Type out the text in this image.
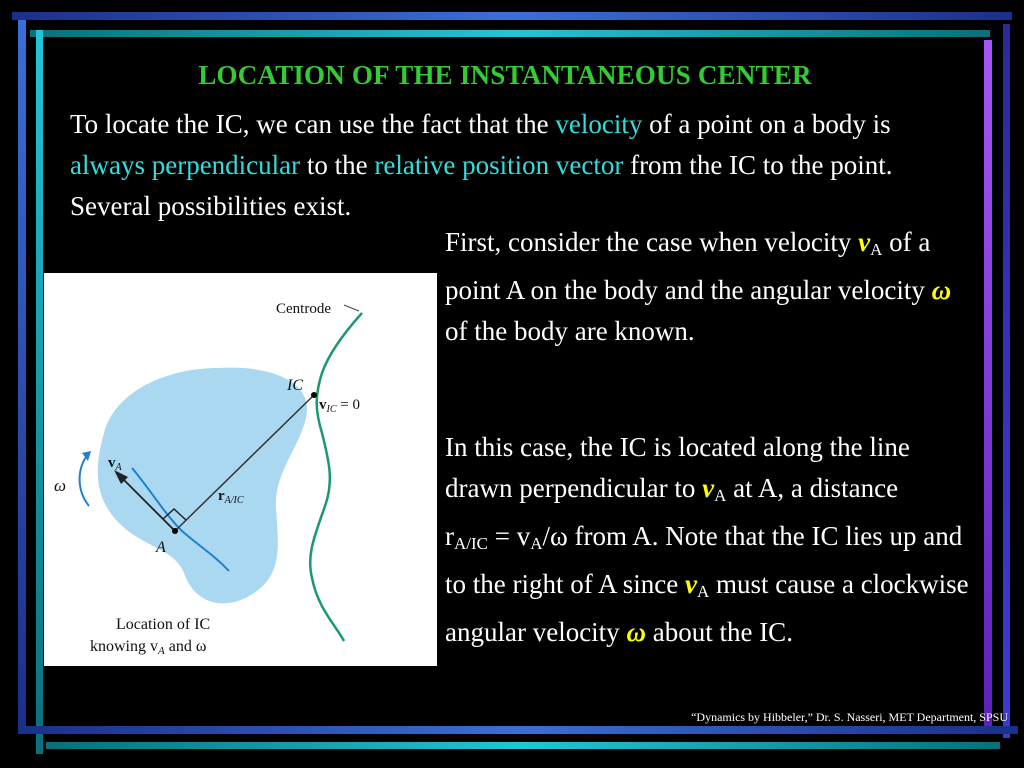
LOCATION OF THE INSTANTANEOUS CENTER
To locate the IC, we can use the fact that the velocity of a point on a body is always perpendicular to the relative position vector from the IC to the point. Several possibilities exist.
First, consider the case when velocity $v_A$ of a point A on the body and the angular velocity ω of the body are known.
In this case, the IC is located along the line drawn perpendicular to $v_A$ at A, a distance
$r_{A/IC} = v_A/\omega$ from A. Note that the IC lies up and to the right of A since $v_A$ must cause a clockwise angular velocity ω about the IC.
Centrode
IC
$v_{IC} = 0$
$v_A$
ω
$r_{A/IC}$
A
Location of IC
knowing vA and ω
“Dynamics by Hibbeler,” Dr. S. Nasseri, MET Department, SPSU
